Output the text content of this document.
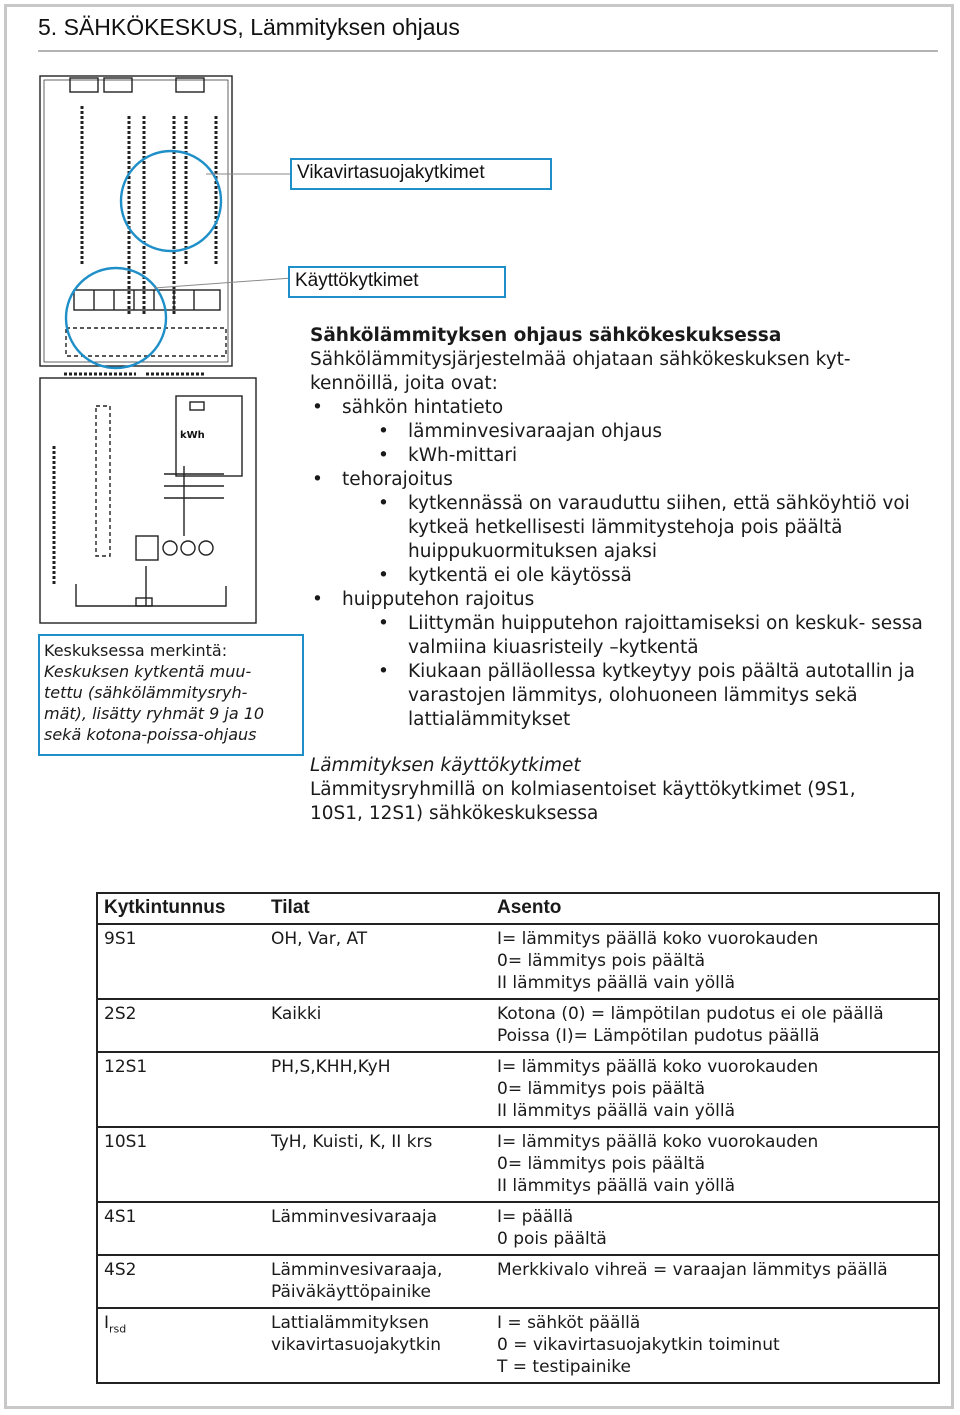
5. SÄHKÖKESKUS, Lämmityksen ohjaus
kWh
Vikavirtasuojakytkimet
Käyttökytkimet
Keskuksessa merkintä:
Keskuksen kytkentä muu-
tettu (sähkölämmitysryh-
mät), lisätty ryhmät 9 ja 10
sekä kotona-poissa-ohjaus

Sähkölämmityksen ohjaus sähkökeskuksessa

Sähkölämmitysjärjestelmää ohjataan sähkökeskuksen kyt-

kennöillä, joita ovat:

• sähkön hintatieto
• lämminvesivaraajan ohjaus
• kWh-mittari
• tehorajoitus
• kytkennässä on varauduttu siihen, että sähköyhtiö voi kytkeä hetkellisesti lämmitystehoja pois päältä huippukuormituksen ajaksi
• kytkentä ei ole käytössä
• huipputehon rajoitus
• Liittymän huipputehon rajoittamiseksi on keskuk- sessa valmiina kiuasristeily –kytkentä
• Kiukaan pälläollessa kytkeytyy pois päältä autotallin ja varastojen lämmitys, olohuoneen lämmitys sekä lattialämmitykset

Lämmityksen käyttökytkimet

Lämmitysryhmillä on kolmiasentoiset käyttökytkimet (9S1,

10S1, 12S1) sähkökeskuksessa

Kytkintunnus	Tilat	Asento
9S1	OH, Var, AT	I= lämmitys päällä koko vuorokauden
0= lämmitys pois päältä
II lämmitys päällä vain yöllä

2S2	Kaikki	Kotona (0) = lämpötilan pudotus ei ole päällä
Poissa (I)= Lämpötilan pudotus päällä

12S1	PH,S,KHH,KyH	I= lämmitys päällä koko vuorokauden
0= lämmitys pois päältä
II lämmitys päällä vain yöllä

10S1	TyH, Kuisti, K, II krs	I= lämmitys päällä koko vuorokauden
0= lämmitys pois päältä
II lämmitys päällä vain yöllä

4S1	Lämminvesivaraaja	I= päällä
0 pois päältä

4S2	Lämminvesivaraaja,
Päiväkäyttöpainike	Merkkivalo vihreä = varaajan lämmitys päällä

$I_{rsd}$	Lattialämmityksen
vikavirtasuojakytkin	I = sähköt päällä
0 = vikavirtasuojakytkin toiminut
T = testipainike
